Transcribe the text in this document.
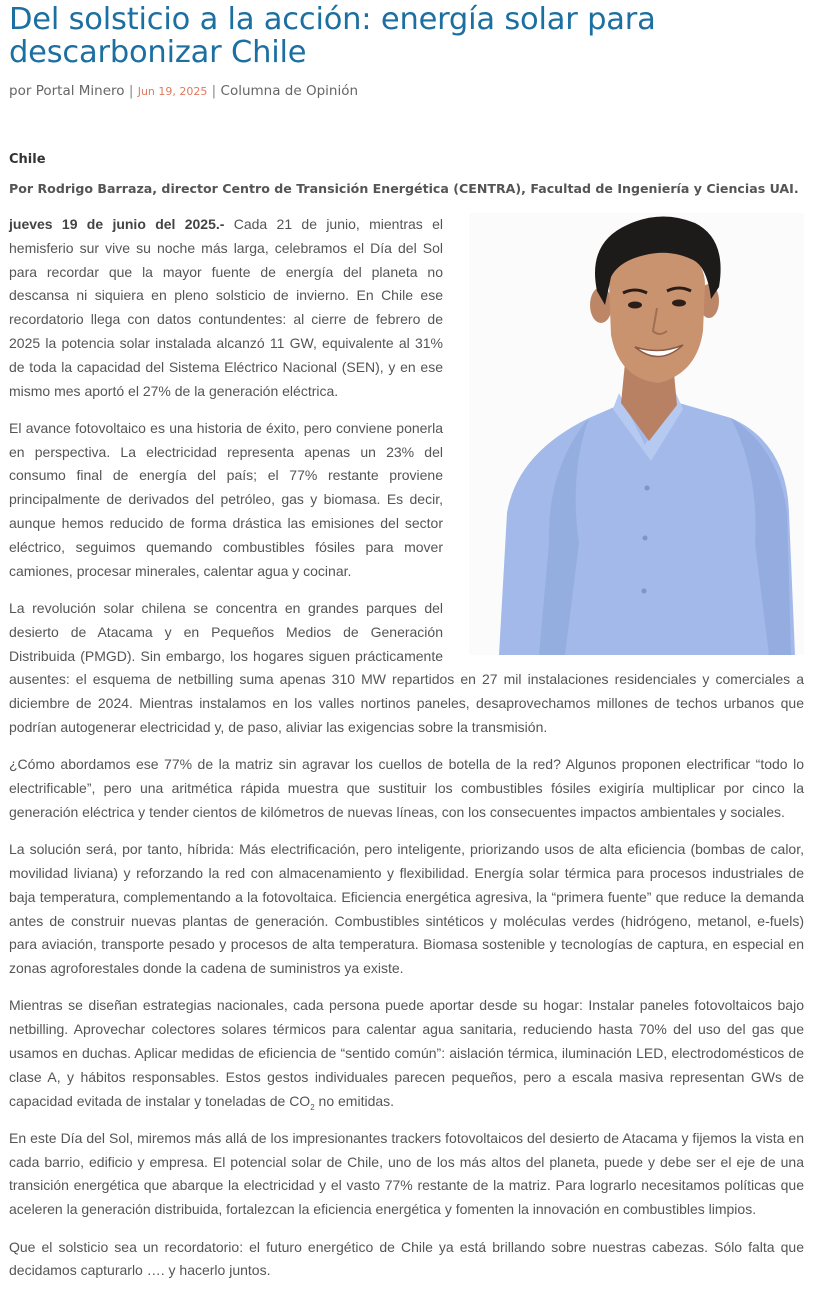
Del solsticio a la acción: energía solar para descarbonizar Chile
por Portal Minero | Jun 19, 2025 | Columna de Opinión
Chile
Por Rodrigo Barraza, director Centro de Transición Energética (CENTRA), Facultad de Ingeniería y Ciencias UAI.

jueves 19 de junio del 2025.- Cada 21 de junio, mientras el hemisferio sur vive su noche más larga, celebramos el Día del Sol para recordar que la mayor fuente de energía del planeta no descansa ni siquiera en pleno solsticio de invierno. En Chile ese recordatorio llega con datos contundentes: al cierre de febrero de 2025 la potencia solar instalada alcanzó 11 GW, equivalente al 31% de toda la capacidad del Sistema Eléctrico Nacional (SEN), y en ese mismo mes aportó el 27% de la generación eléctrica.

El avance fotovoltaico es una historia de éxito, pero conviene ponerla en perspectiva. La electricidad representa apenas un 23% del consumo final de energía del país; el 77% restante proviene principalmente de derivados del petróleo, gas y biomasa. Es decir, aunque hemos reducido de forma drástica las emisiones del sector eléctrico, seguimos quemando combustibles fósiles para mover camiones, procesar minerales, calentar agua y cocinar.

La revolución solar chilena se concentra en grandes parques del desierto de Atacama y en Pequeños Medios de Generación Distribuida (PMGD). Sin embargo, los hogares siguen prácticamente ausentes: el esquema de netbilling suma apenas 310 MW repartidos en 27 mil instalaciones residenciales y comerciales a diciembre de 2024. Mientras instalamos en los valles nortinos paneles, desaprovechamos millones de techos urbanos que podrían autogenerar electricidad y, de paso, aliviar las exigencias sobre la transmisión.

¿Cómo abordamos ese 77% de la matriz sin agravar los cuellos de botella de la red? Algunos proponen electrificar “todo lo electrificable”, pero una aritmética rápida muestra que sustituir los combustibles fósiles exigiría multiplicar por cinco la generación eléctrica y tender cientos de kilómetros de nuevas líneas, con los consecuentes impactos ambientales y sociales.

La solución será, por tanto, híbrida: Más electrificación, pero inteligente, priorizando usos de alta eficiencia (bombas de calor, movilidad liviana) y reforzando la red con almacenamiento y flexibilidad. Energía solar térmica para procesos industriales de baja temperatura, complementando a la fotovoltaica. Eficiencia energética agresiva, la “primera fuente” que reduce la demanda antes de construir nuevas plantas de generación. Combustibles sintéticos y moléculas verdes (hidrógeno, metanol, e-fuels) para aviación, transporte pesado y procesos de alta temperatura. Biomasa sostenible y tecnologías de captura, en especial en zonas agroforestales donde la cadena de suministros ya existe.

Mientras se diseñan estrategias nacionales, cada persona puede aportar desde su hogar: Instalar paneles fotovoltaicos bajo netbilling. Aprovechar colectores solares térmicos para calentar agua sanitaria, reduciendo hasta 70% del uso del gas que usamos en duchas. Aplicar medidas de eficiencia de “sentido común”: aislación térmica, iluminación LED, electrodomésticos de clase A, y hábitos responsables. Estos gestos individuales parecen pequeños, pero a escala masiva representan GWs de capacidad evitada de instalar y toneladas de $CO_2$ no emitidas.

En este Día del Sol, miremos más allá de los impresionantes trackers fotovoltaicos del desierto de Atacama y fijemos la vista en cada barrio, edificio y empresa. El potencial solar de Chile, uno de los más altos del planeta, puede y debe ser el eje de una transición energética que abarque la electricidad y el vasto 77% restante de la matriz. Para lograrlo necesitamos políticas que aceleren la generación distribuida, fortalezcan la eficiencia energética y fomenten la innovación en combustibles limpios.

Que el solsticio sea un recordatorio: el futuro energético de Chile ya está brillando sobre nuestras cabezas. Sólo falta que decidamos capturarlo …. y hacerlo juntos.
